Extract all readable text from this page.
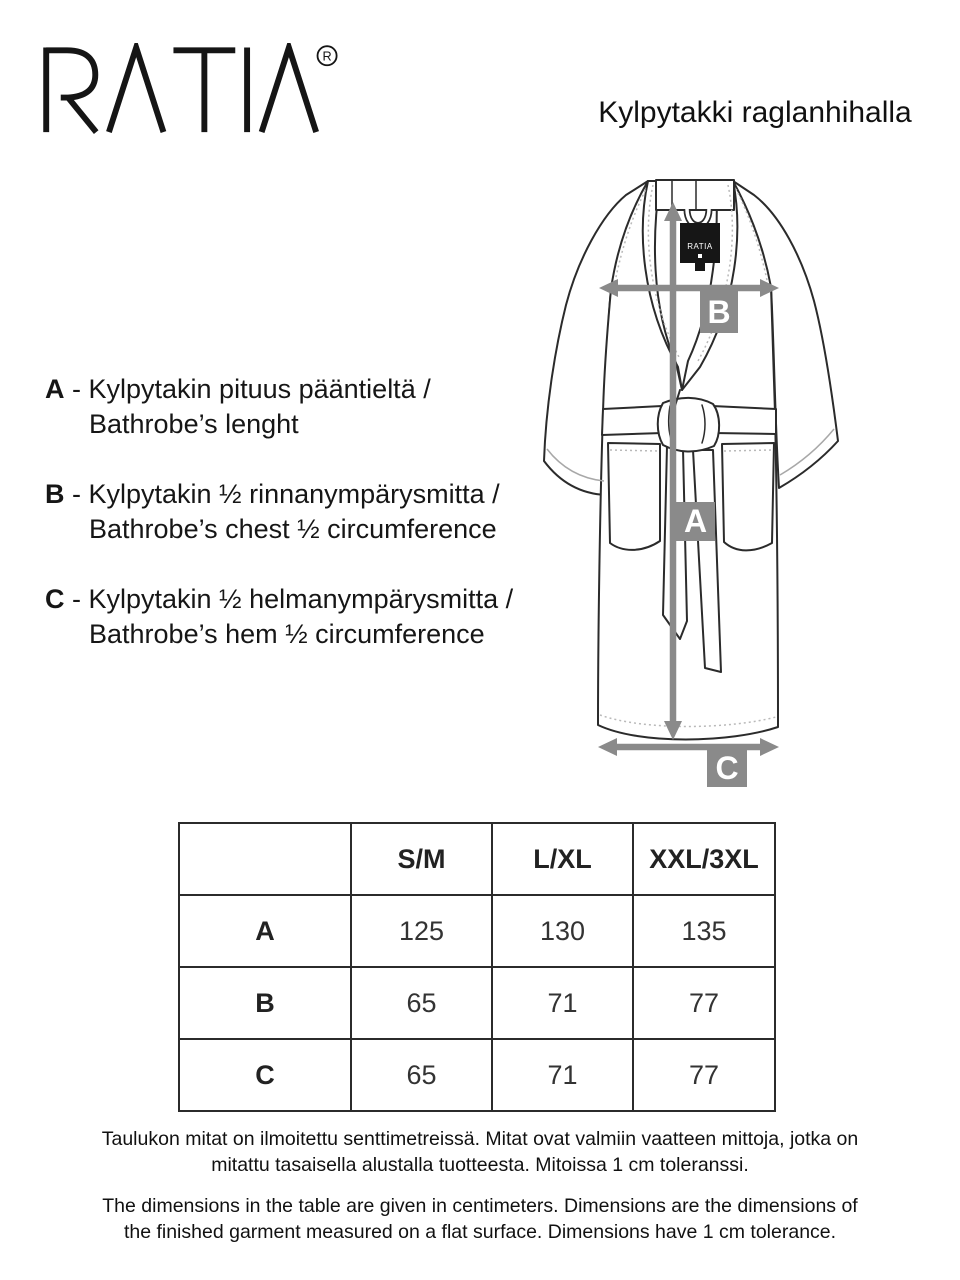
R
Kylpytakki raglanhihalla
A - Kylpytakin pituus pääntieltä /
Bathrobe’s lenght
B - Kylpytakin ½ rinnanympärysmitta /
Bathrobe’s chest ½ circumference
C - Kylpytakin ½ helmanympärysmitta /
Bathrobe’s hem ½ circumference
RATIA
B
A
C
	S/M	L/XL	XXL/3XL
A	125	130	135
B	65	71	77
C	65	71	77
Taulukon mitat on ilmoitettu senttimetreissä. Mitat ovat valmiin vaatteen mittoja, jotka on
mitattu tasaisella alustalla tuotteesta. Mitoissa 1 cm toleranssi.
The dimensions in the table are given in centimeters. Dimensions are the dimensions of
the finished garment measured on a flat surface. Dimensions have 1 cm tolerance.
